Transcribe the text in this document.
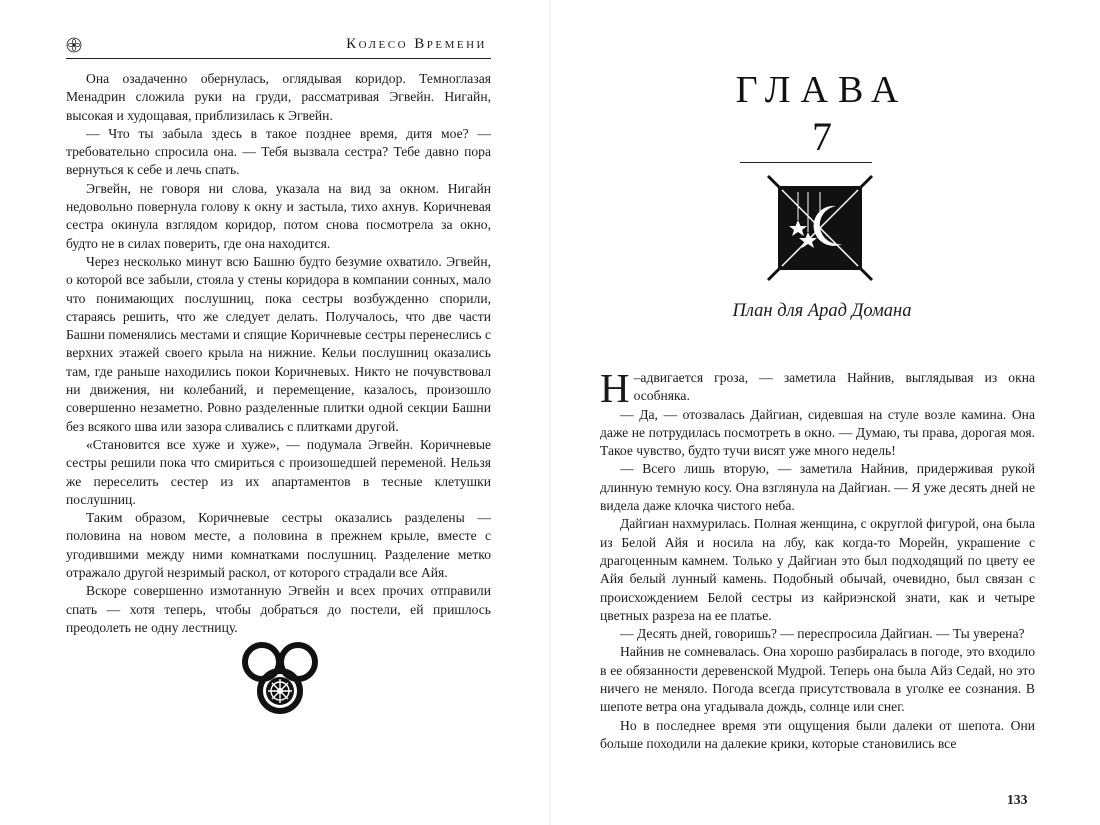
Колесо Времени

Она озадаченно обернулась, оглядывая коридор. Темноглазая Менадрин сложила руки на груди, рассматривая Эгвейн. Нигайн, высокая и худощавая, приблизилась к Эгвейн.

— Что ты забыла здесь в такое позднее время, дитя мое? — требовательно спросила она. — Тебя вызвала сестра? Тебе давно пора вернуться к себе и лечь спать.

Эгвейн, не говоря ни слова, указала на вид за окном. Нигайн недовольно повернула голову к окну и застыла, тихо ахнув. Коричневая сестра окинула взглядом коридор, потом снова посмотрела за окно, будто не в силах поверить, где она находится.

Через несколько минут всю Башню будто безумие охватило. Эгвейн, о которой все забыли, стояла у стены коридора в компании сонных, мало что понимающих послушниц, пока сестры возбужденно спорили, стараясь решить, что же следует делать. Получалось, что две части Башни поменялись местами и спящие Коричневые сестры перенеслись с верхних этажей своего крыла на нижние. Кельи послушниц оказались там, где раньше находились покои Коричневых. Никто не почувствовал ни движения, ни колебаний, и перемещение, казалось, произошло совершенно незаметно. Ровно разделенные плитки одной секции Башни без всякого шва или зазора сливались с плитками другой.

«Становится все хуже и хуже», — подумала Эгвейн. Коричневые сестры решили пока что смириться с произошедшей переменой. Нельзя же переселить сестер из их апартаментов в тесные клетушки послушниц.

Таким образом, Коричневые сестры оказались разделены — половина на новом месте, а половина в прежнем крыле, вместе с угодившими между ними комнатками послушниц. Разделение метко отражало другой незримый раскол, от которого страдали все Айя.

Вскоре совершенно измотанную Эгвейн и всех прочих отправили спать — хотя теперь, чтобы добраться до постели, ей пришлось преодолеть не одну лестницу.

ГЛАВА
7
План для Арад Домана

–
Н адвигается гроза, — заметила Найнив, выглядывая из окна особняка.

— Да, — отозвалась Дайгиан, сидевшая на стуле возле камина. Она даже не потрудилась посмотреть в окно. — Думаю, ты права, дорогая моя. Такое чувство, будто тучи висят уже много недель!

— Всего лишь вторую, — заметила Найнив, придерживая рукой длинную темную косу. Она взглянула на Дайгиан. — Я уже десять дней не видела даже клочка чистого неба.

Дайгиан нахмурилась. Полная женщина, с округлой фигурой, она была из Белой Айя и носила на лбу, как когда-то Морейн, украшение с драгоценным камнем. Только у Дайгиан это был подходящий по цвету ее Айя белый лунный камень. Подобный обычай, очевидно, был связан с происхождением Белой сестры из кайриэнской знати, как и четыре цветных разреза на ее платье.

— Десять дней, говоришь? — переспросила Дайгиан. — Ты уверена?

Найнив не сомневалась. Она хорошо разбиралась в погоде, это входило в ее обязанности деревенской Мудрой. Теперь она была Айз Седай, но это ничего не меняло. Погода всегда присутствовала в уголке ее сознания. В шепоте ветра она угадывала дождь, солнце или снег.

Но в последнее время эти ощущения были далеки от шепота. Они больше походили на далекие крики, которые становились все

133
